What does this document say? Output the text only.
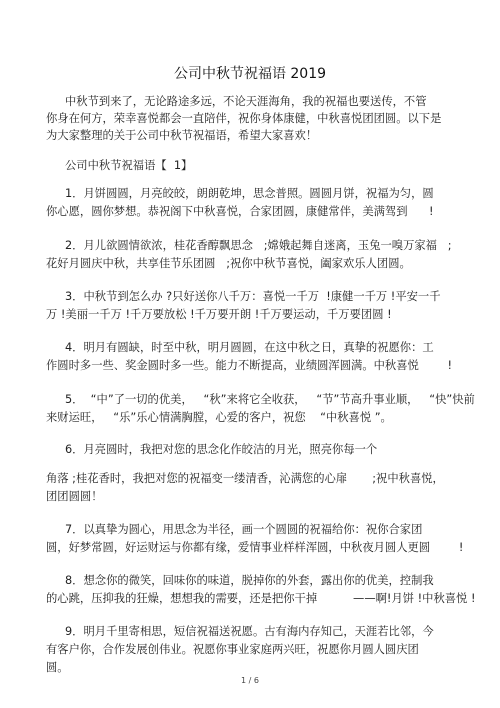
公司中秋节祝福语 2019
中秋节到来了，无论路途多远，不论天涯海角，我的祝福也要送传，不管
你身在何方，荣幸喜悦都会一直陪伴，祝你身体康健，中秋喜悦团团圆。以下是
为大家整理的关于公司中秋节祝福语，希望大家喜欢！
公司中秋节祝福语【  1】
1．月饼圆圆，月亮皎皎，朗朗乾坤，思念普照。圆圆月饼，祝福为匀，圆
你心愿，圆你梦想。恭祝阁下中秋喜悦，合家团圆，康健常伴，美满驾到      !
2．月儿欲圆情欲浓，桂花香醇飘思念   ;嫦娥起舞自迷离，玉兔一嗅万家福   ;
花好月圆庆中秋，共享佳节乐团圆   ;祝你中秋节喜悦，阖家欢乐人团圆。
3．中秋节到怎么办 ?只好送你八千万：喜悦一千万  !康健一千万 !平安一千
万 !美丽一千万 !千万要放松 !千万要开朗 !千万要运动，千万要团圆 !
4．明月有圆缺，时至中秋，明月圆圆，在这中秋之日，真挚的祝愿你：工
作圆时多一些、奖金圆时多一些。能力不断提高，业绩圆浑圆满。中秋喜悦        !
5．  “中”了一切的优美，   “秋”来将它全收获，   “节”节高升事业顺，   “快”快前
来财运旺，   “乐”乐心情满胸膛，心爱的客户，祝您    “中秋喜悦 ”。
6．月亮圆时，我把对您的思念化作皎洁的月光，照亮你每一个
角落 ;桂花香时，我把对您的祝福变一缕清香，沁满您的心扉       ;祝中秋喜悦，
团团圆圆！
7．以真挚为圆心，用思念为半径，画一个圆圆的祝福给你：祝你合家团
圆，好梦常圆，好运财运与你都有缘，爱情事业样样浑圆，中秋夜月圆人更圆        !
8．想念你的微笑，回味你的味道，脱掉你的外套，露出你的优美，控制我
的心跳，压抑我的狂燥，想想我的需要，还是把你干掉          ——啊!月饼 !中秋喜悦 !
9．明月千里寄相思，短信祝福送祝愿。古有海内存知己，天涯若比邻，今
有客户你，合作发展创伟业。祝愿你事业家庭两兴旺，祝愿你月圆人圆庆团
圆。
1 / 6
